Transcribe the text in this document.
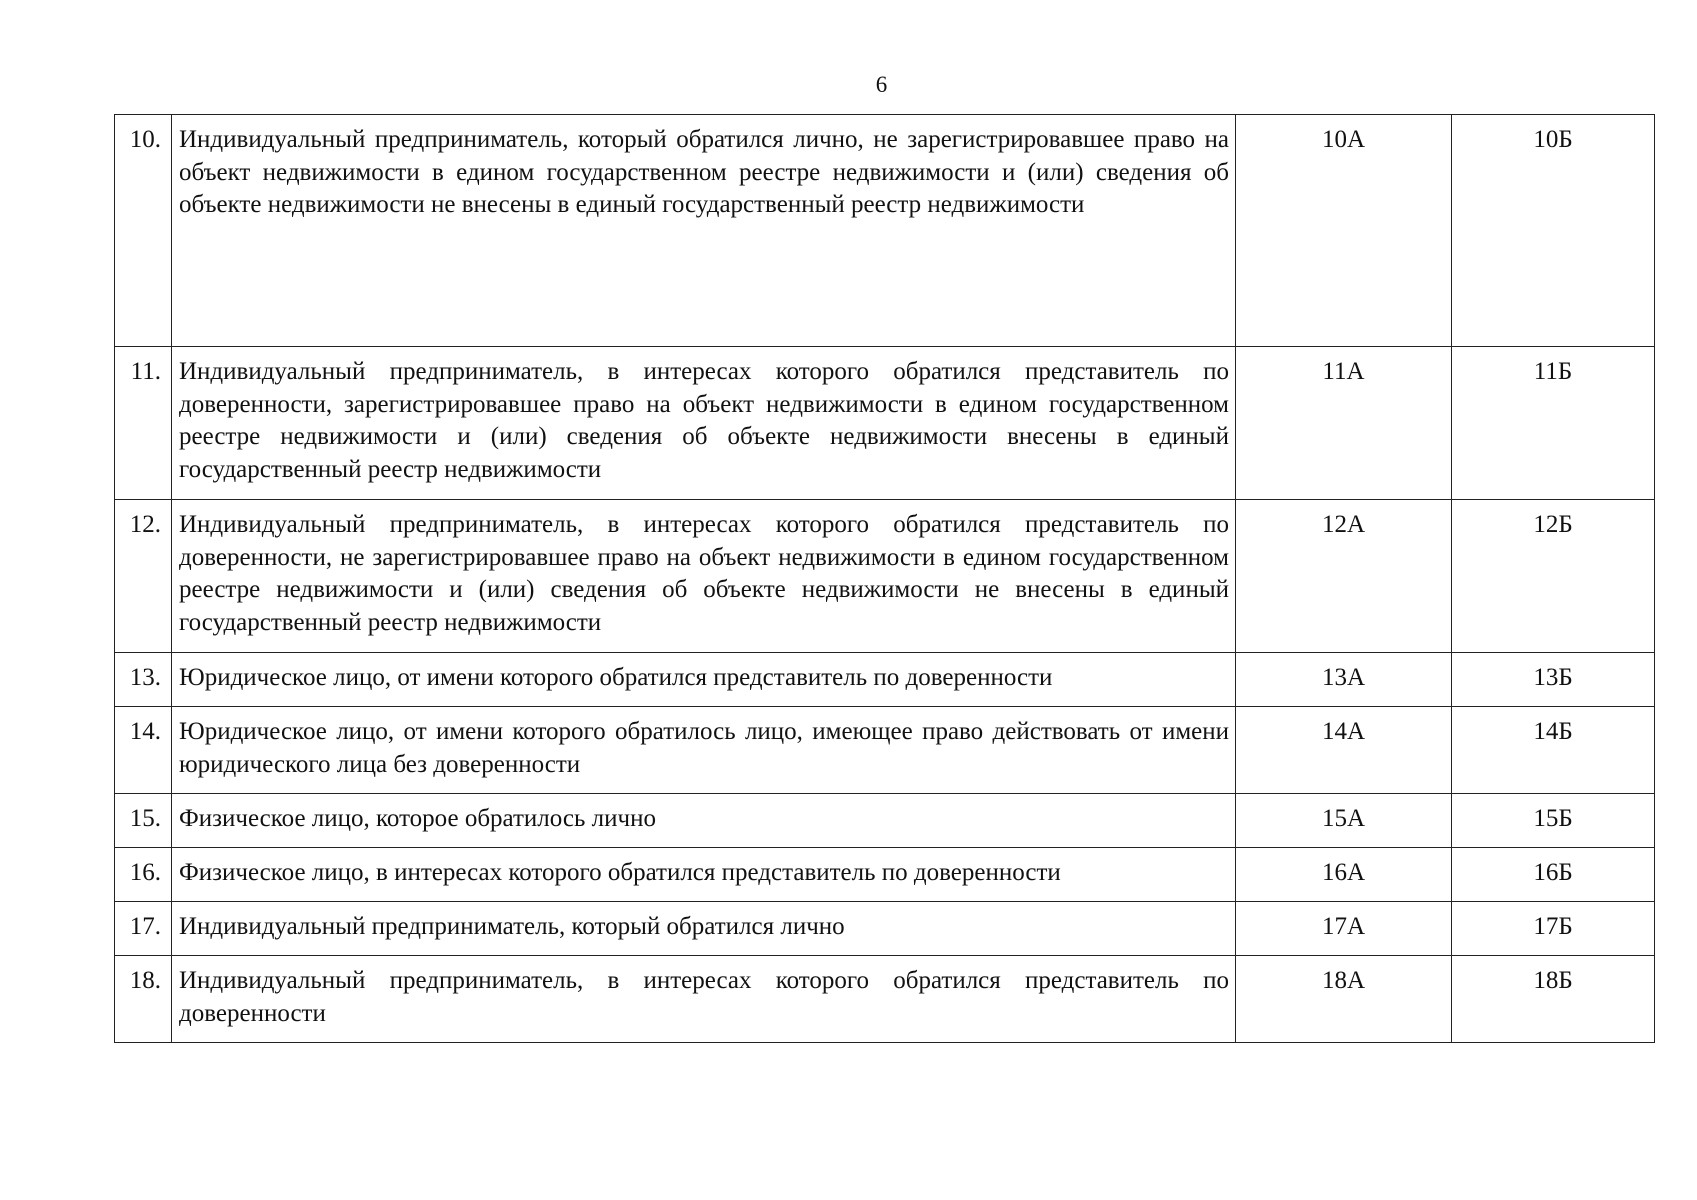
6
10.	Индивидуальный предприниматель, который обратился лично, не зарегистрировавшее право на объект недвижимости в едином государственном реестре недвижимости и (или) сведения об объекте недвижимости не внесены в единый государственный реестр недвижимости	10А	10Б
11.	Индивидуальный предприниматель, в интересах которого обратился представитель по доверенности, зарегистрировавшее право на объект недвижимости в едином государственном реестре недвижимости и (или) сведения об объекте недвижимости внесены в единый государственный реестр недвижимости	11А	11Б
12.	Индивидуальный предприниматель, в интересах которого обратился представитель по доверенности, не зарегистрировавшее право на объект недвижимости в едином государственном реестре недвижимости и (или) сведения об объекте недвижимости не внесены в единый государственный реестр недвижимости	12А	12Б
13.	Юридическое лицо, от имени которого обратился представитель по доверенности	13А	13Б
14.	Юридическое лицо, от имени которого обратилось лицо, имеющее право действовать от имени юридического лица без доверенности	14А	14Б
15.	Физическое лицо, которое обратилось лично	15А	15Б
16.	Физическое лицо, в интересах которого обратился представитель по доверенности	16А	16Б
17.	Индивидуальный предприниматель, который обратился лично	17А	17Б
18.	Индивидуальный предприниматель, в интересах которого обратился представитель по доверенности	18А	18Б
